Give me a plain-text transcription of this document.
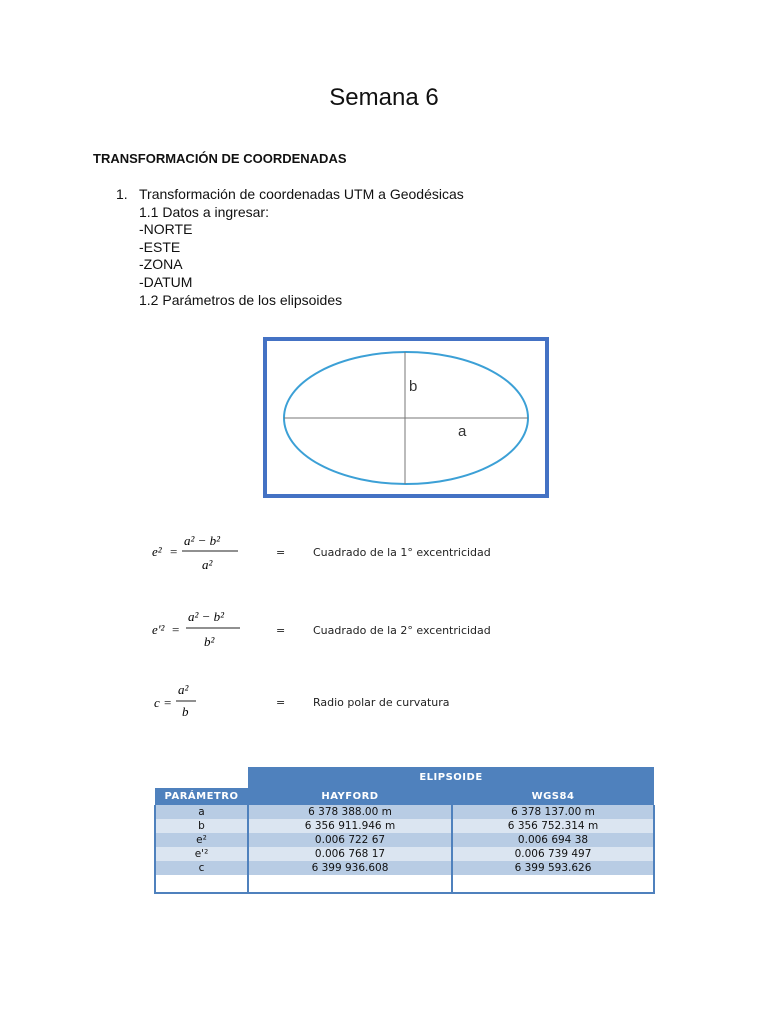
Semana 6
TRANSFORMACIÓN DE COORDENADAS
1. Transformación de coordenadas UTM a Geodésicas
1.1 Datos a ingresar:
-NORTE
-ESTE
-ZONA
-DATUM
1.2 Parámetros de los elipsoides
b
a
e² =
a² − b²
a²
=	Cuadrado de la 1° excentricidad
e'² =
a² − b²
b²
=	Cuadrado de la 2° excentricidad
c =
a²
b
=	Radio polar de curvatura
	ELIPSOIDE	
PARÁMETRO	HAYFORD	WGS84
a	6 378 388.00 m	6 378 137.00 m
b	6 356 911.946 m	6 356 752.314 m
e²	0.006 722 67	0.006 694 38
e'²	0.006 768 17	0.006 739 497
c	6 399 936.608	6 399 593.626
